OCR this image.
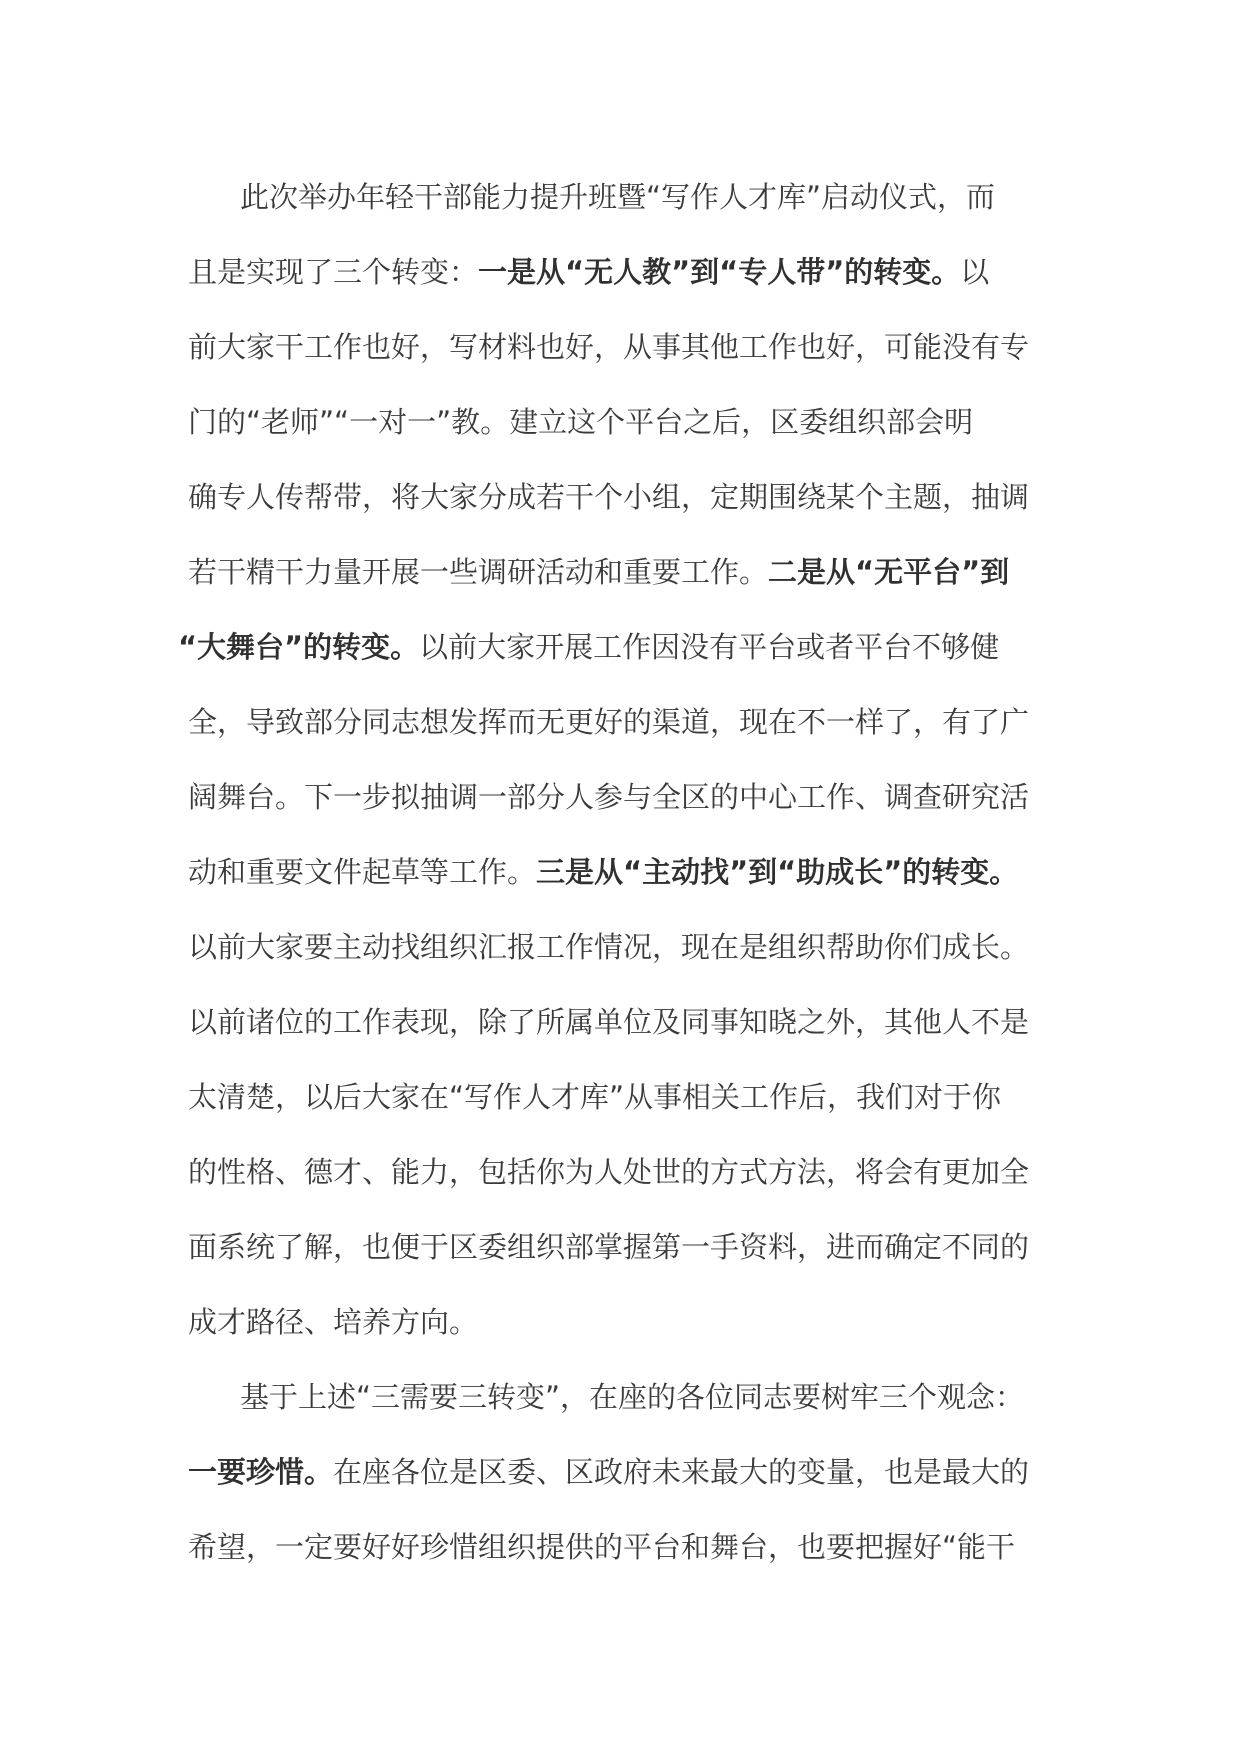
此次举办年轻干部能力提升班暨“写作人才库”启动仪式，而
且是实现了三个转变：一是从“无人教”到“专人带”的转变。以
前大家干工作也好，写材料也好，从事其他工作也好，可能没有专
门的“老师”“一对一”教。建立这个平台之后，区委组织部会明
确专人传帮带，将大家分成若干个小组，定期围绕某个主题，抽调
若干精干力量开展一些调研活动和重要工作。二是从“无平台”到
“大舞台”的转变。以前大家开展工作因没有平台或者平台不够健
全，导致部分同志想发挥而无更好的渠道，现在不一样了，有了广
阔舞台。下一步拟抽调一部分人参与全区的中心工作、调查研究活
动和重要文件起草等工作。三是从“主动找”到“助成长”的转变。
以前大家要主动找组织汇报工作情况，现在是组织帮助你们成长。
以前诸位的工作表现，除了所属单位及同事知晓之外，其他人不是
太清楚，以后大家在“写作人才库”从事相关工作后，我们对于你
的性格、德才、能力，包括你为人处世的方式方法，将会有更加全
面系统了解，也便于区委组织部掌握第一手资料，进而确定不同的
成才路径、培养方向。
基于上述“三需要三转变”，在座的各位同志要树牢三个观念：
一要珍惜。在座各位是区委、区政府未来最大的变量，也是最大的
希望，一定要好好珍惜组织提供的平台和舞台，也要把握好“能干
